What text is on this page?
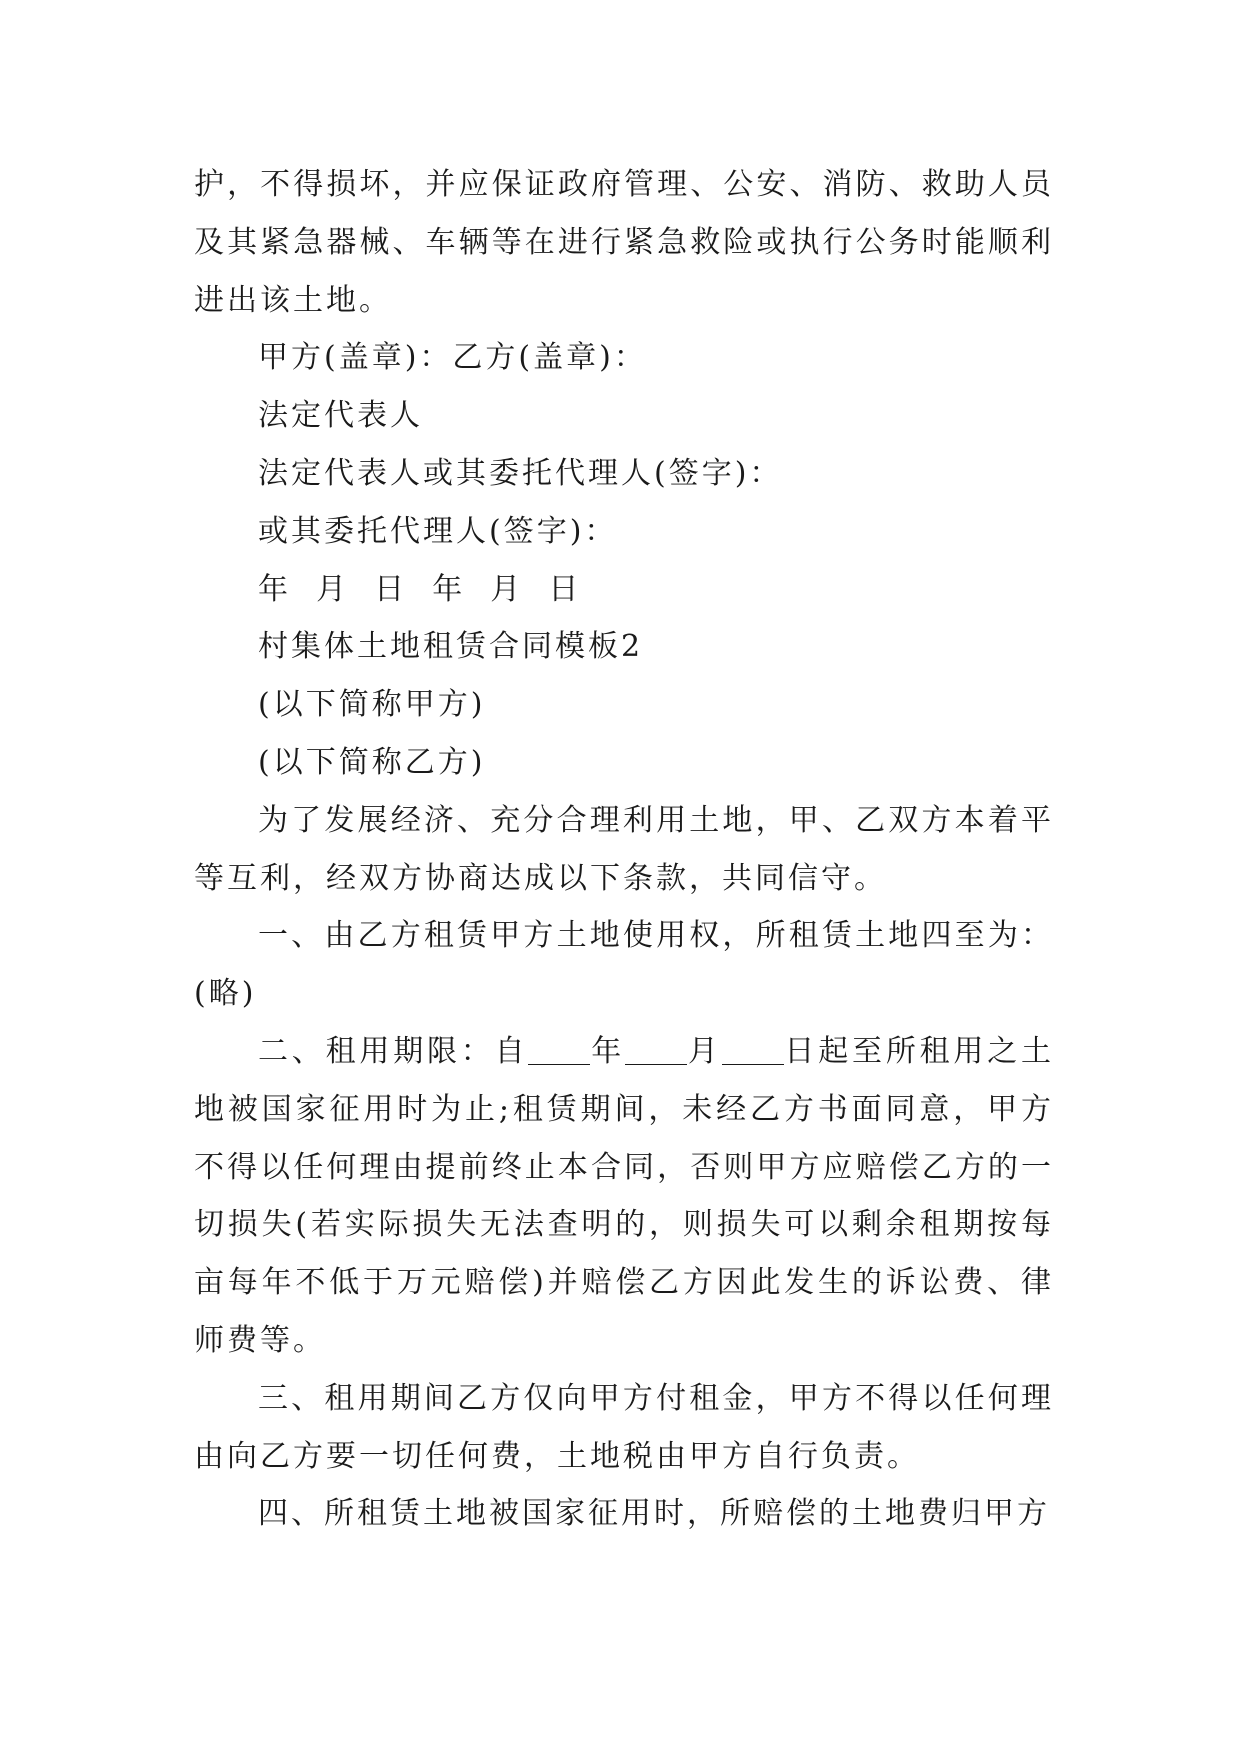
护，不得损坏，并应保证政府管理、公安、消防、救助人员及其紧急器械、车辆等在进行紧急救险或执行公务时能顺利进出该土地。

甲方(盖章)：乙方(盖章)：

法定代表人

法定代表人或其委托代理人(签字)：

或其委托代理人(签字)：

年  月  日  年  月  日

村集体土地租赁合同模板2

(以下简称甲方)

(以下简称乙方)

为了发展经济、充分合理利用土地，甲、乙双方本着平等互利，经双方协商达成以下条款，共同信守。

一、由乙方租赁甲方土地使用权，所租赁土地四至为：(略)

二、租用期限：自 年 月 日起至所租用之土地被国家征用时为止;租赁期间，未经乙方书面同意，甲方不得以任何理由提前终止本合同，否则甲方应赔偿乙方的一切损失(若实际损失无法查明的，则损失可以剩余租期按每亩每年不低于万元赔偿)并赔偿乙方因此发生的诉讼费、律师费等。

三、租用期间乙方仅向甲方付租金，甲方不得以任何理由向乙方要一切任何费，土地税由甲方自行负责。

四、所租赁土地被国家征用时，所赔偿的土地费归甲方
